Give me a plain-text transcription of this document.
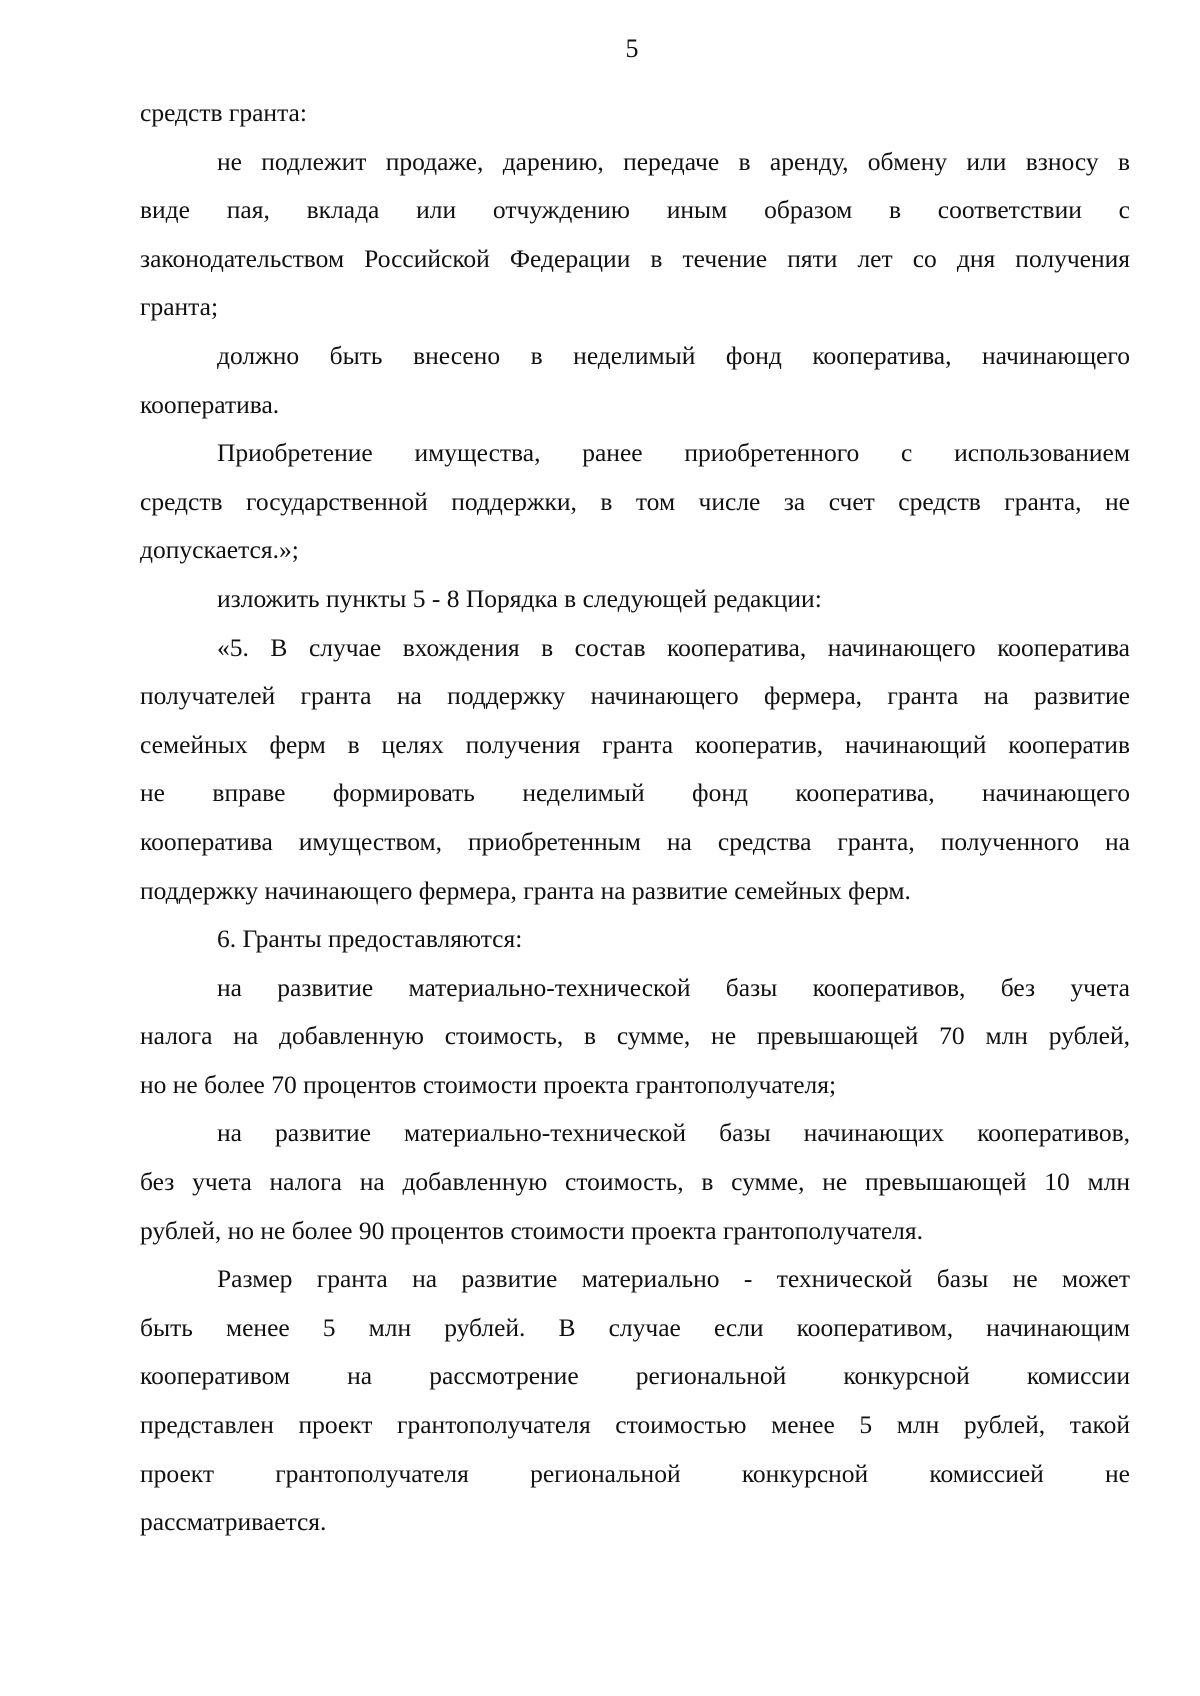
5
средств гранта:
не подлежит продаже, дарению, передаче в аренду, обмену или взносу в
виде пая, вклада или отчуждению иным образом в соответствии с
законодательством Российской Федерации в течение пяти лет со дня получения
гранта;
должно быть внесено в неделимый фонд кооператива, начинающего
кооператива.
Приобретение имущества, ранее приобретенного с использованием
средств государственной поддержки, в том числе за счет средств гранта, не
допускается.»;
изложить пункты 5 - 8 Порядка в следующей редакции:
«5. В случае вхождения в состав кооператива, начинающего кооператива
получателей гранта на поддержку начинающего фермера, гранта на развитие
семейных ферм в целях получения гранта кооператив, начинающий кооператив
не вправе формировать неделимый фонд кооператива, начинающего
кооператива имуществом, приобретенным на средства гранта, полученного на
поддержку начинающего фермера, гранта на развитие семейных ферм.
6. Гранты предоставляются:
на развитие материально-технической базы кооперативов, без учета
налога на добавленную стоимость, в сумме, не превышающей 70 млн рублей,
но не более 70 процентов стоимости проекта грантополучателя;
на развитие материально-технической базы начинающих кооперативов,
без учета налога на добавленную стоимость, в сумме, не превышающей 10 млн
рублей, но не более 90 процентов стоимости проекта грантополучателя.
Размер гранта на развитие материально - технической базы не может
быть менее 5 млн рублей. В случае если кооперативом, начинающим
кооперативом на рассмотрение региональной конкурсной комиссии
представлен проект грантополучателя стоимостью менее 5 млн рублей, такой
проект грантополучателя региональной конкурсной комиссией не
рассматривается.
